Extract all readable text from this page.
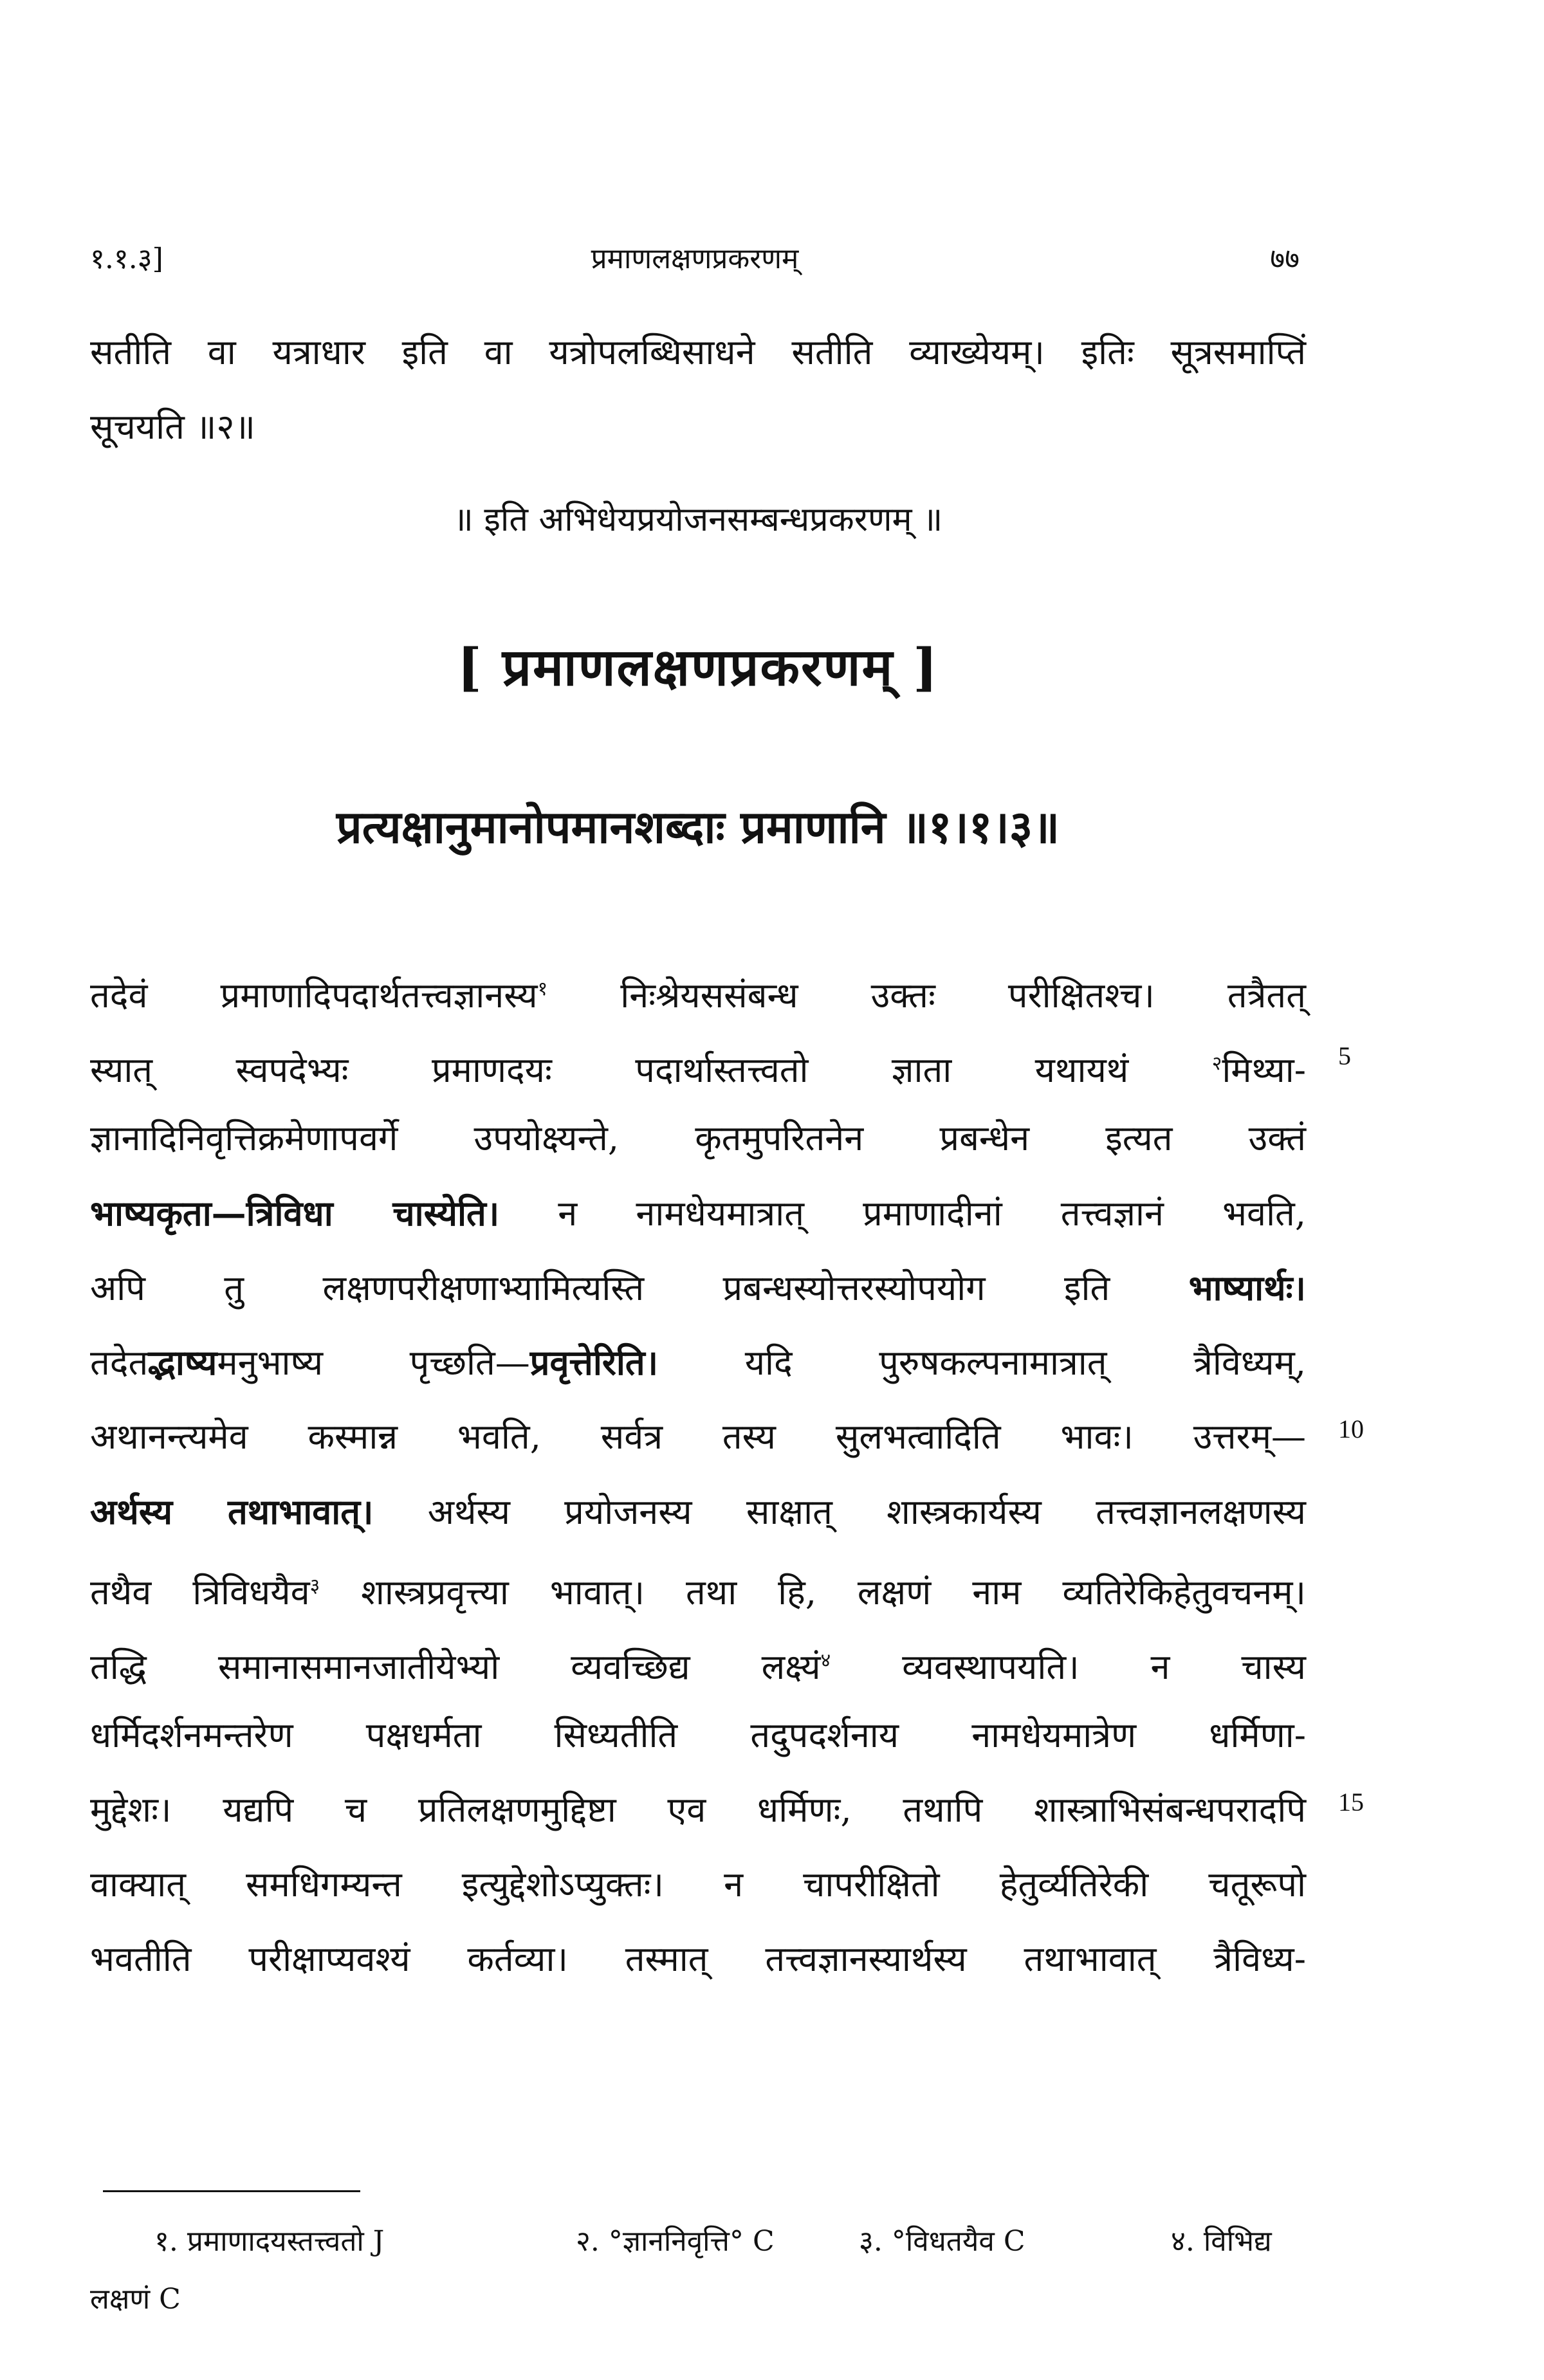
१.१.३]	प्रमाणलक्षणप्रकरणम्	७७
सतीति वा यत्राधार इति वा यत्रोपलब्धिसाधने सतीति व्याख्येयम्। इतिः सूत्रसमाप्तिं
सूचयति ॥२॥
॥ इति अभिधेयप्रयोजनसम्बन्धप्रकरणम् ॥
[ प्रमाणलक्षणप्रकरणम् ]
प्रत्यक्षानुमानोपमानशब्दाः प्रमाणानि ॥१।१।३॥
तदेवं प्रमाणादिपदार्थतत्त्वज्ञानस्य$^१$ निःश्रेयससंबन्ध उक्तः परीक्षितश्च। तत्रैतत्
स्यात् स्वपदेभ्यः प्रमाणदयः पदार्थास्तत्त्वतो ज्ञाता यथायथं $^२$मिथ्या-
ज्ञानादिनिवृत्तिक्रमेणापवर्गे उपयोक्ष्यन्ते, कृतमुपरितनेन प्रबन्धेन इत्यत उक्तं
भाष्यकृता—त्रिविधा चास्येति। न नामधेयमात्रात् प्रमाणादीनां तत्त्वज्ञानं भवति,
अपि तु लक्षणपरीक्षणाभ्यामित्यस्ति प्रबन्धस्योत्तरस्योपयोग इति भाष्यार्थः।
तदेतद्भाष्यमनुभाष्य पृच्छति—प्रवृत्तेरिति। यदि पुरुषकल्पनामात्रात् त्रैविध्यम्,
अथानन्त्यमेव कस्मान्न भवति, सर्वत्र तस्य सुलभत्वादिति भावः। उत्तरम्—
अर्थस्य तथाभावात्। अर्थस्य प्रयोजनस्य साक्षात् शास्त्रकार्यस्य तत्त्वज्ञानलक्षणस्य
तथैव त्रिविधयैव$^३$ शास्त्रप्रवृत्त्या भावात्। तथा हि, लक्षणं नाम व्यतिरेकिहेतुवचनम्।
तद्धि समानासमानजातीयेभ्यो व्यवच्छिद्य लक्ष्यं$^४$ व्यवस्थापयति। न चास्य
धर्मिदर्शनमन्तरेण पक्षधर्मता सिध्यतीति तदुपदर्शनाय नामधेयमात्रेण धर्मिणा-
मुद्देशः। यद्यपि च प्रतिलक्षणमुद्दिष्टा एव धर्मिणः, तथापि शास्त्राभिसंबन्धपरादपि
वाक्यात् समधिगम्यन्त इत्युद्देशोऽप्युक्तः। न चापरीक्षितो हेतुर्व्यतिरेकी चतूरूपो
भवतीति परीक्षाप्यवश्यं कर्तव्या। तस्मात् तत्त्वज्ञानस्यार्थस्य तथाभावात् त्रैविध्य-
5
10
15
१. प्रमाणादयस्तत्त्वतो J	२. °ज्ञाननिवृत्ति° C	३. °विधतयैव C	४. विभिद्य
लक्षणं C
